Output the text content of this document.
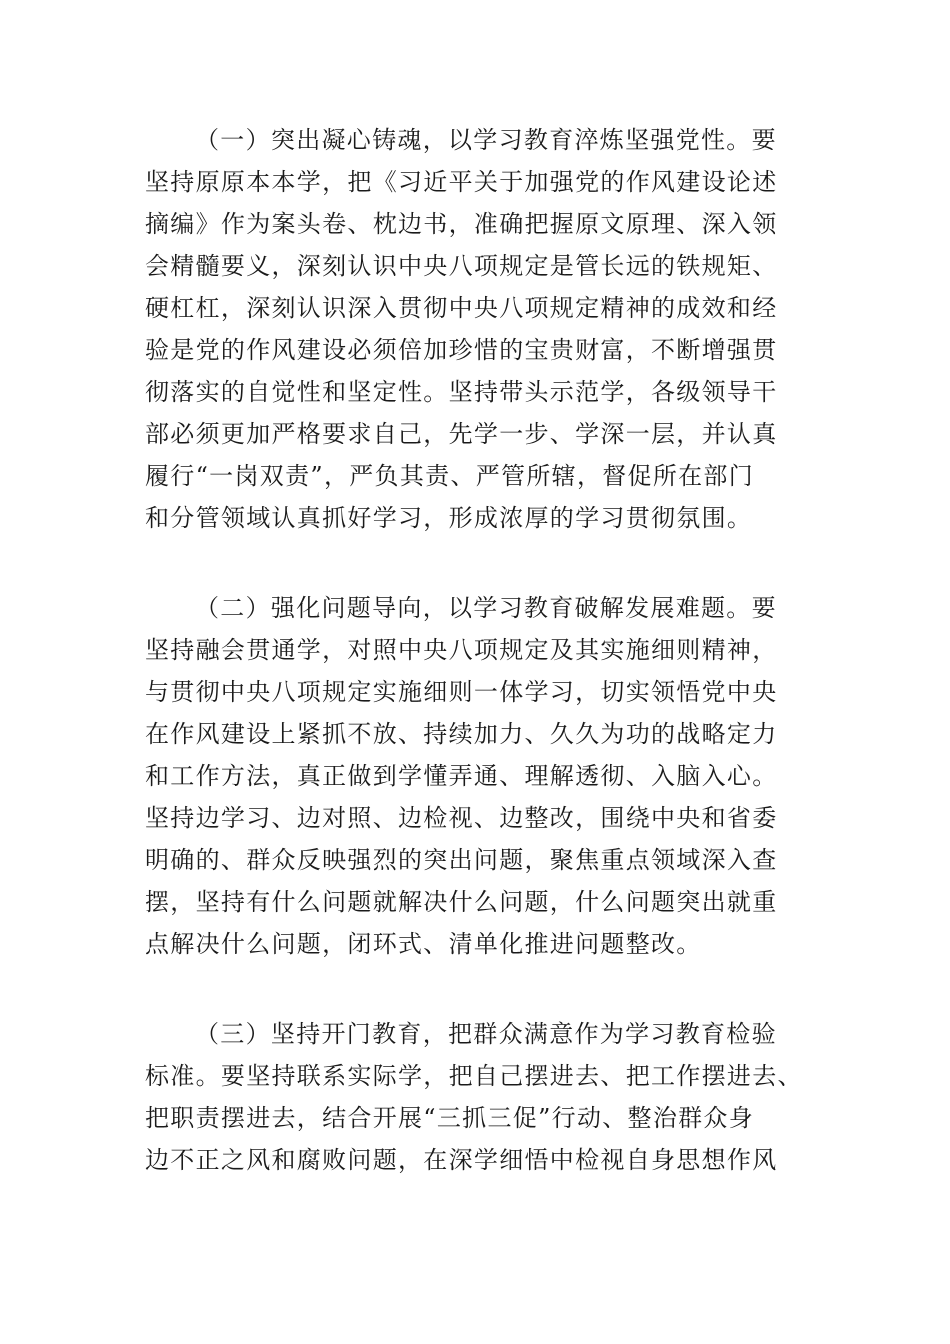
（一）突出凝心铸魂，以学习教育淬炼坚强党性。要
坚持原原本本学，把《习近平关于加强党的作风建设论述
摘编》作为案头卷、枕边书，准确把握原文原理、深入领
会精髓要义，深刻认识中央八项规定是管长远的铁规矩、
硬杠杠，深刻认识深入贯彻中央八项规定精神的成效和经
验是党的作风建设必须倍加珍惜的宝贵财富，不断增强贯
彻落实的自觉性和坚定性。坚持带头示范学，各级领导干
部必须更加严格要求自己，先学一步、学深一层，并认真
履行“一岗双责”，严负其责、严管所辖，督促所在部门
和分管领域认真抓好学习，形成浓厚的学习贯彻氛围。
（二）强化问题导向，以学习教育破解发展难题。要
坚持融会贯通学，对照中央八项规定及其实施细则精神，
与贯彻中央八项规定实施细则一体学习，切实领悟党中央
在作风建设上紧抓不放、持续加力、久久为功的战略定力
和工作方法，真正做到学懂弄通、理解透彻、入脑入心。
坚持边学习、边对照、边检视、边整改，围绕中央和省委
明确的、群众反映强烈的突出问题，聚焦重点领域深入查
摆，坚持有什么问题就解决什么问题，什么问题突出就重
点解决什么问题，闭环式、清单化推进问题整改。
（三）坚持开门教育，把群众满意作为学习教育检验
标准。要坚持联系实际学，把自己摆进去、把工作摆进去、
把职责摆进去，结合开展“三抓三促”行动、整治群众身
边不正之风和腐败问题，在深学细悟中检视自身思想作风
